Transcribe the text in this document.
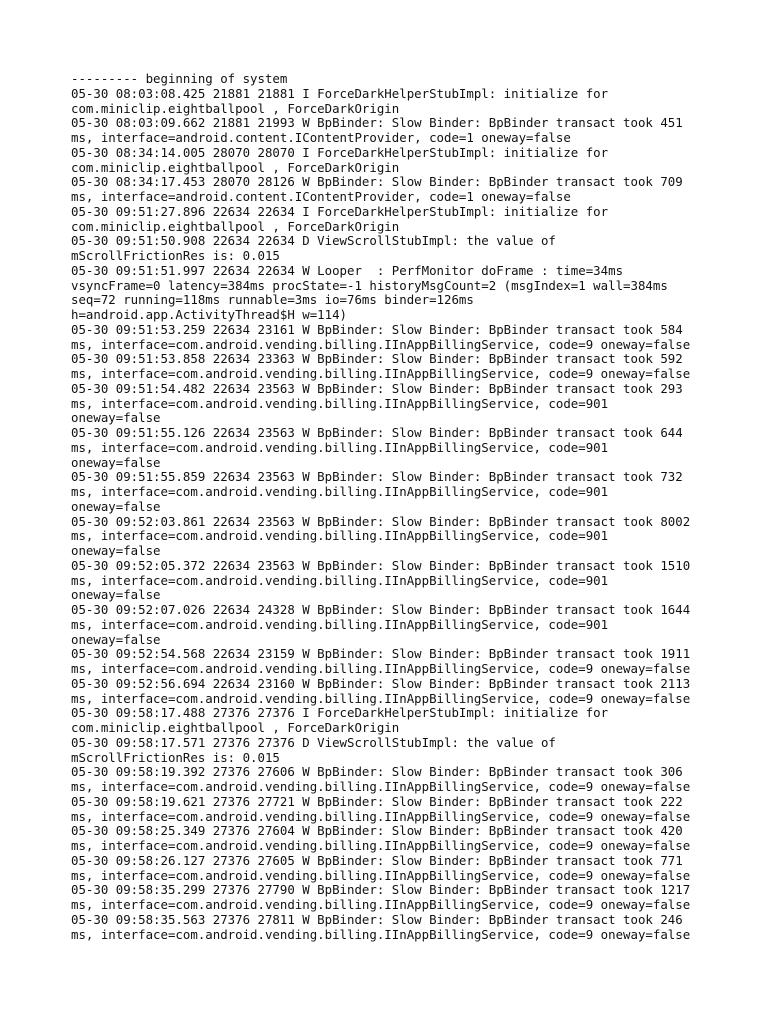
--------- beginning of system
05-30 08:03:08.425 21881 21881 I ForceDarkHelperStubImpl: initialize for
com.miniclip.eightballpool , ForceDarkOrigin
05-30 08:03:09.662 21881 21993 W BpBinder: Slow Binder: BpBinder transact took 451
ms, interface=android.content.IContentProvider, code=1 oneway=false
05-30 08:34:14.005 28070 28070 I ForceDarkHelperStubImpl: initialize for
com.miniclip.eightballpool , ForceDarkOrigin
05-30 08:34:17.453 28070 28126 W BpBinder: Slow Binder: BpBinder transact took 709
ms, interface=android.content.IContentProvider, code=1 oneway=false
05-30 09:51:27.896 22634 22634 I ForceDarkHelperStubImpl: initialize for
com.miniclip.eightballpool , ForceDarkOrigin
05-30 09:51:50.908 22634 22634 D ViewScrollStubImpl: the value of
mScrollFrictionRes is: 0.015
05-30 09:51:51.997 22634 22634 W Looper  : PerfMonitor doFrame : time=34ms
vsyncFrame=0 latency=384ms procState=-1 historyMsgCount=2 (msgIndex=1 wall=384ms
seq=72 running=118ms runnable=3ms io=76ms binder=126ms
h=android.app.ActivityThread$H w=114)
05-30 09:51:53.259 22634 23161 W BpBinder: Slow Binder: BpBinder transact took 584
ms, interface=com.android.vending.billing.IInAppBillingService, code=9 oneway=false
05-30 09:51:53.858 22634 23363 W BpBinder: Slow Binder: BpBinder transact took 592
ms, interface=com.android.vending.billing.IInAppBillingService, code=9 oneway=false
05-30 09:51:54.482 22634 23563 W BpBinder: Slow Binder: BpBinder transact took 293
ms, interface=com.android.vending.billing.IInAppBillingService, code=901
oneway=false
05-30 09:51:55.126 22634 23563 W BpBinder: Slow Binder: BpBinder transact took 644
ms, interface=com.android.vending.billing.IInAppBillingService, code=901
oneway=false
05-30 09:51:55.859 22634 23563 W BpBinder: Slow Binder: BpBinder transact took 732
ms, interface=com.android.vending.billing.IInAppBillingService, code=901
oneway=false
05-30 09:52:03.861 22634 23563 W BpBinder: Slow Binder: BpBinder transact took 8002
ms, interface=com.android.vending.billing.IInAppBillingService, code=901
oneway=false
05-30 09:52:05.372 22634 23563 W BpBinder: Slow Binder: BpBinder transact took 1510
ms, interface=com.android.vending.billing.IInAppBillingService, code=901
oneway=false
05-30 09:52:07.026 22634 24328 W BpBinder: Slow Binder: BpBinder transact took 1644
ms, interface=com.android.vending.billing.IInAppBillingService, code=901
oneway=false
05-30 09:52:54.568 22634 23159 W BpBinder: Slow Binder: BpBinder transact took 1911
ms, interface=com.android.vending.billing.IInAppBillingService, code=9 oneway=false
05-30 09:52:56.694 22634 23160 W BpBinder: Slow Binder: BpBinder transact took 2113
ms, interface=com.android.vending.billing.IInAppBillingService, code=9 oneway=false
05-30 09:58:17.488 27376 27376 I ForceDarkHelperStubImpl: initialize for
com.miniclip.eightballpool , ForceDarkOrigin
05-30 09:58:17.571 27376 27376 D ViewScrollStubImpl: the value of
mScrollFrictionRes is: 0.015
05-30 09:58:19.392 27376 27606 W BpBinder: Slow Binder: BpBinder transact took 306
ms, interface=com.android.vending.billing.IInAppBillingService, code=9 oneway=false
05-30 09:58:19.621 27376 27721 W BpBinder: Slow Binder: BpBinder transact took 222
ms, interface=com.android.vending.billing.IInAppBillingService, code=9 oneway=false
05-30 09:58:25.349 27376 27604 W BpBinder: Slow Binder: BpBinder transact took 420
ms, interface=com.android.vending.billing.IInAppBillingService, code=9 oneway=false
05-30 09:58:26.127 27376 27605 W BpBinder: Slow Binder: BpBinder transact took 771
ms, interface=com.android.vending.billing.IInAppBillingService, code=9 oneway=false
05-30 09:58:35.299 27376 27790 W BpBinder: Slow Binder: BpBinder transact took 1217
ms, interface=com.android.vending.billing.IInAppBillingService, code=9 oneway=false
05-30 09:58:35.563 27376 27811 W BpBinder: Slow Binder: BpBinder transact took 246
ms, interface=com.android.vending.billing.IInAppBillingService, code=9 oneway=false
